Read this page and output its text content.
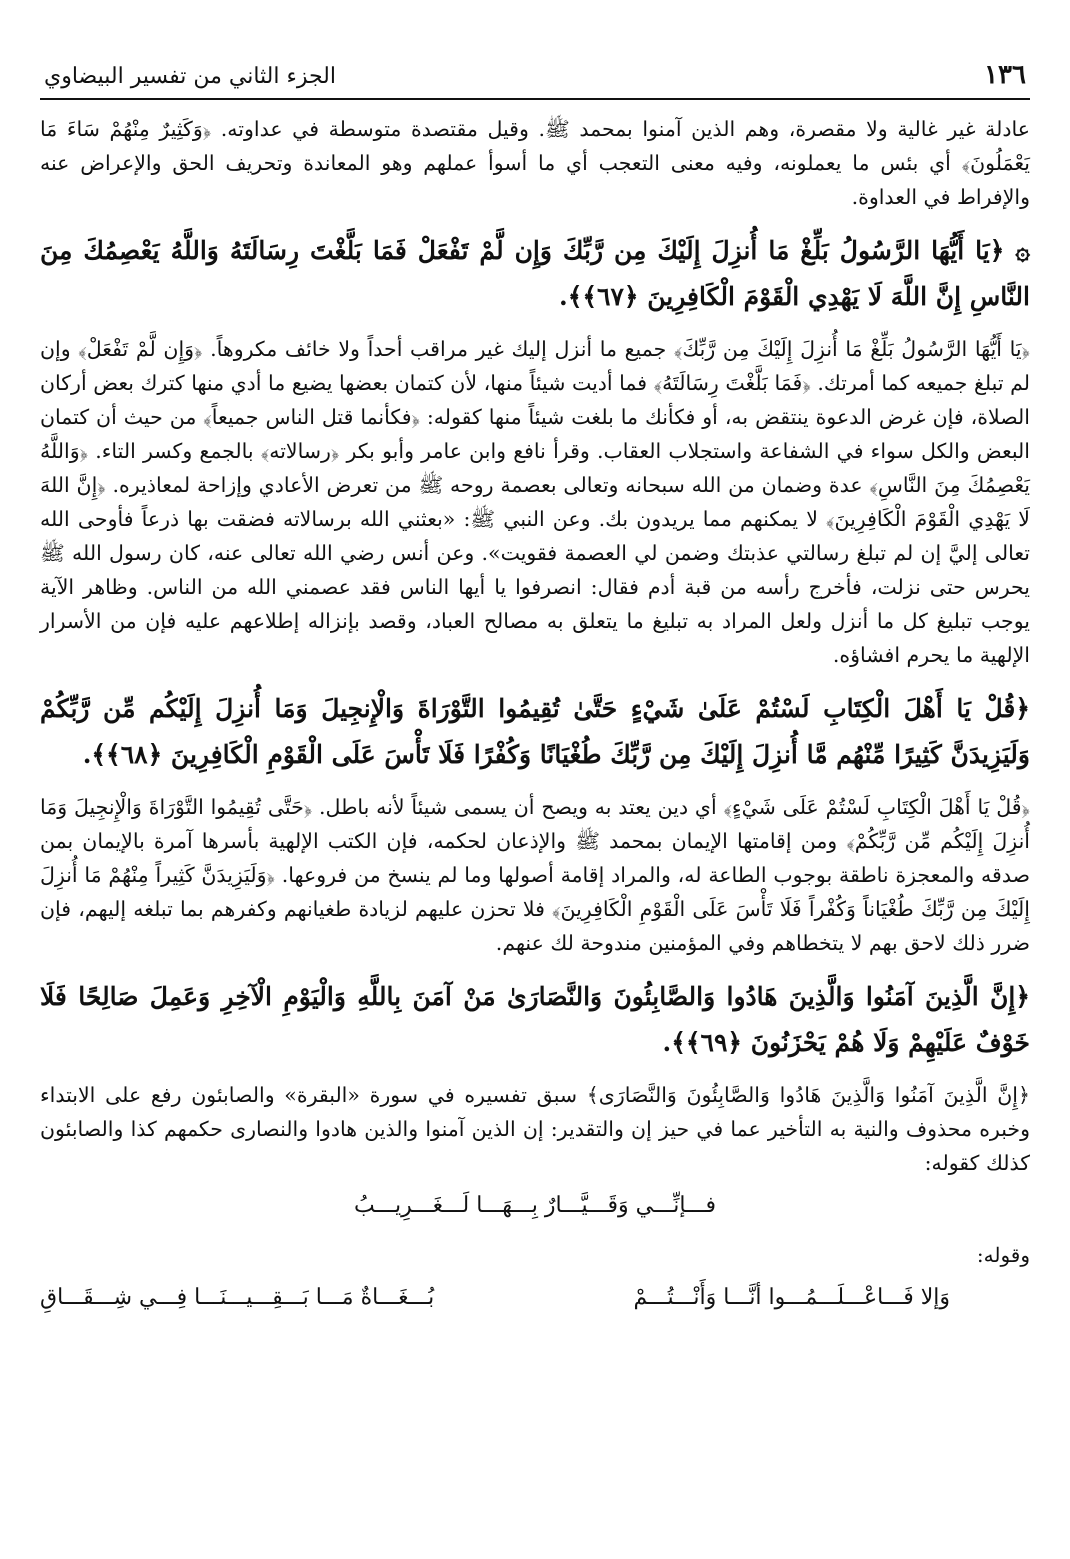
١٣٦
الجزء الثاني من تفسير البيضاوي

عادلة غير غالية ولا مقصرة، وهم الذين آمنوا بمحمد ﷺ. وقيل مقتصدة متوسطة في عداوته. ﴿وَكَثِيرٌ مِنْهُمْ سَاءَ مَا يَعْمَلُونَ﴾ أي بئس ما يعملونه، وفيه معنى التعجب أي ما أسوأ عملهم وهو المعاندة وتحريف الحق والإعراض عنه والإفراط في العداوة.

۞ ﴿يَا أَيُّهَا الرَّسُولُ بَلِّغْ مَا أُنزِلَ إِلَيْكَ مِن رَّبِّكَ وَإِن لَّمْ تَفْعَلْ فَمَا بَلَّغْتَ رِسَالَتَهُ وَاللَّهُ يَعْصِمُكَ مِنَ النَّاسِ إِنَّ اللَّهَ لَا يَهْدِي الْقَوْمَ الْكَافِرِينَ ﴿٦٧﴾﴾.

﴿يَا أَيُّهَا الرَّسُولُ بَلِّغْ مَا أُنزِلَ إِلَيْكَ مِن رَّبِّكَ﴾ جميع ما أنزل إليك غير مراقب أحداً ولا خائف مكروهاً. ﴿وَإِن لَّمْ تَفْعَلْ﴾ وإن لم تبلغ جميعه كما أمرتك. ﴿فَمَا بَلَّغْتَ رِسَالَتَهُ﴾ فما أديت شيئاً منها، لأن كتمان بعضها يضيع ما أدي منها كترك بعض أركان الصلاة، فإن غرض الدعوة ينتقض به، أو فكأنك ما بلغت شيئاً منها كقوله: ﴿فكأنما قتل الناس جميعاً﴾ من حيث أن كتمان البعض والكل سواء في الشفاعة واستجلاب العقاب. وقرأ نافع وابن عامر وأبو بكر ﴿رسالاته﴾ بالجمع وكسر التاء. ﴿وَاللَّهُ يَعْصِمُكَ مِنَ النَّاسِ﴾ عدة وضمان من الله سبحانه وتعالى بعصمة روحه ﷺ من تعرض الأعادي وإزاحة لمعاذيره. ﴿إِنَّ اللهَ لَا يَهْدِي الْقَوْمَ الْكَافِرِينَ﴾ لا يمكنهم مما يريدون بك. وعن النبي ﷺ: «بعثني الله برسالاته فضقت بها ذرعاً فأوحى الله تعالى إليَّ إن لم تبلغ رسالتي عذبتك وضمن لي العصمة فقويت». وعن أنس رضي الله تعالى عنه، كان رسول الله ﷺ يحرس حتى نزلت، فأخرج رأسه من قبة أدم فقال: انصرفوا يا أيها الناس فقد عصمني الله من الناس. وظاهر الآية يوجب تبليغ كل ما أنزل ولعل المراد به تبليغ ما يتعلق به مصالح العباد، وقصد بإنزاله إطلاعهم عليه فإن من الأسرار الإلهية ما يحرم افشاؤه.

﴿قُلْ يَا أَهْلَ الْكِتَابِ لَسْتُمْ عَلَىٰ شَيْءٍ حَتَّىٰ تُقِيمُوا التَّوْرَاةَ وَالْإِنجِيلَ وَمَا أُنزِلَ إِلَيْكُم مِّن رَّبِّكُمْ وَلَيَزِيدَنَّ كَثِيرًا مِّنْهُم مَّا أُنزِلَ إِلَيْكَ مِن رَّبِّكَ طُغْيَانًا وَكُفْرًا فَلَا تَأْسَ عَلَى الْقَوْمِ الْكَافِرِينَ ﴿٦٨﴾﴾.

﴿قُلْ يَا أَهْلَ الْكِتَابِ لَسْتُمْ عَلَى شَيْءٍ﴾ أي دين يعتد به ويصح أن يسمى شيئاً لأنه باطل. ﴿حَتَّى تُقِيمُوا التَّوْرَاةَ وَالْإِنجِيلَ وَمَا أُنزِلَ إِلَيْكُم مِّن رَّبِّكُمْ﴾ ومن إقامتها الإيمان بمحمد ﷺ والإذعان لحكمه، فإن الكتب الإلهية بأسرها آمرة بالإيمان بمن صدقه والمعجزة ناطقة بوجوب الطاعة له، والمراد إقامة أصولها وما لم ينسخ من فروعها. ﴿وَلَيَزِيدَنَّ كَثِيراً مِنْهُمْ مَا أُنزِلَ إِلَيْكَ مِن رَّبِّكَ طُغْيَاناً وَكُفْراً فَلَا تَأْسَ عَلَى الْقَوْمِ الْكَافِرِينَ﴾ فلا تحزن عليهم لزيادة طغيانهم وكفرهم بما تبلغه إليهم، فإن ضرر ذلك لاحق بهم لا يتخطاهم وفي المؤمنين مندوحة لك عنهم.

﴿إِنَّ الَّذِينَ آمَنُوا وَالَّذِينَ هَادُوا وَالصَّابِئُونَ وَالنَّصَارَىٰ مَنْ آمَنَ بِاللَّهِ وَالْيَوْمِ الْآخِرِ وَعَمِلَ صَالِحًا فَلَا خَوْفٌ عَلَيْهِمْ وَلَا هُمْ يَحْزَنُونَ ﴿٦٩﴾﴾.

﴿إِنَّ الَّذِينَ آمَنُوا وَالَّذِينَ هَادُوا وَالصَّابِئُونَ وَالنَّصَارَى﴾ سبق تفسيره في سورة «البقرة» والصابئون رفع على الابتداء وخبره محذوف والنية به التأخير عما في حيز إن والتقدير: إن الذين آمنوا والذين هادوا والنصارى حكمهم كذا والصابئون كذلك كقوله:

فـــإنِّـــي وَقَـــيَّـــارٌ بِـــهَـــا لَـــغَـــرِيـــبُ
وقوله:
وَإلا فَـــاعْـــلَـــمُـــوا أنَّـــا وَأَنْـــتُـــمْ
بُـــغَـــاةٌ مَـــا بَـــقِـــيـــنَـــا فِـــي شِـــقَـــاقِ
